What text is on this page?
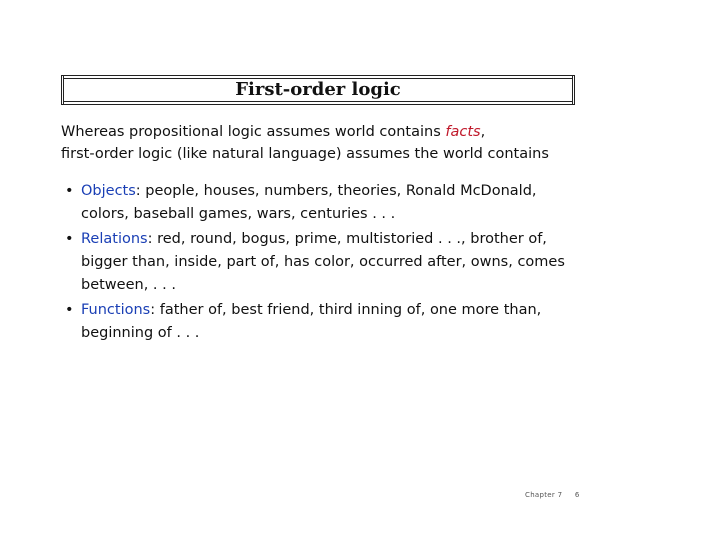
First-order logic
Whereas propositional logic assumes world contains facts,
first-order logic (like natural language) assumes the world contains
• Objects: people, houses, numbers, theories, Ronald McDonald, colors, baseball games, wars, centuries . . .
• Relations: red, round, bogus, prime, multistoried . . ., brother of, bigger than, inside, part of, has color, occurred after, owns, comes between, . . .
• Functions: father of, best friend, third inning of, one more than, beginning of . . .
Chapter 7 6
